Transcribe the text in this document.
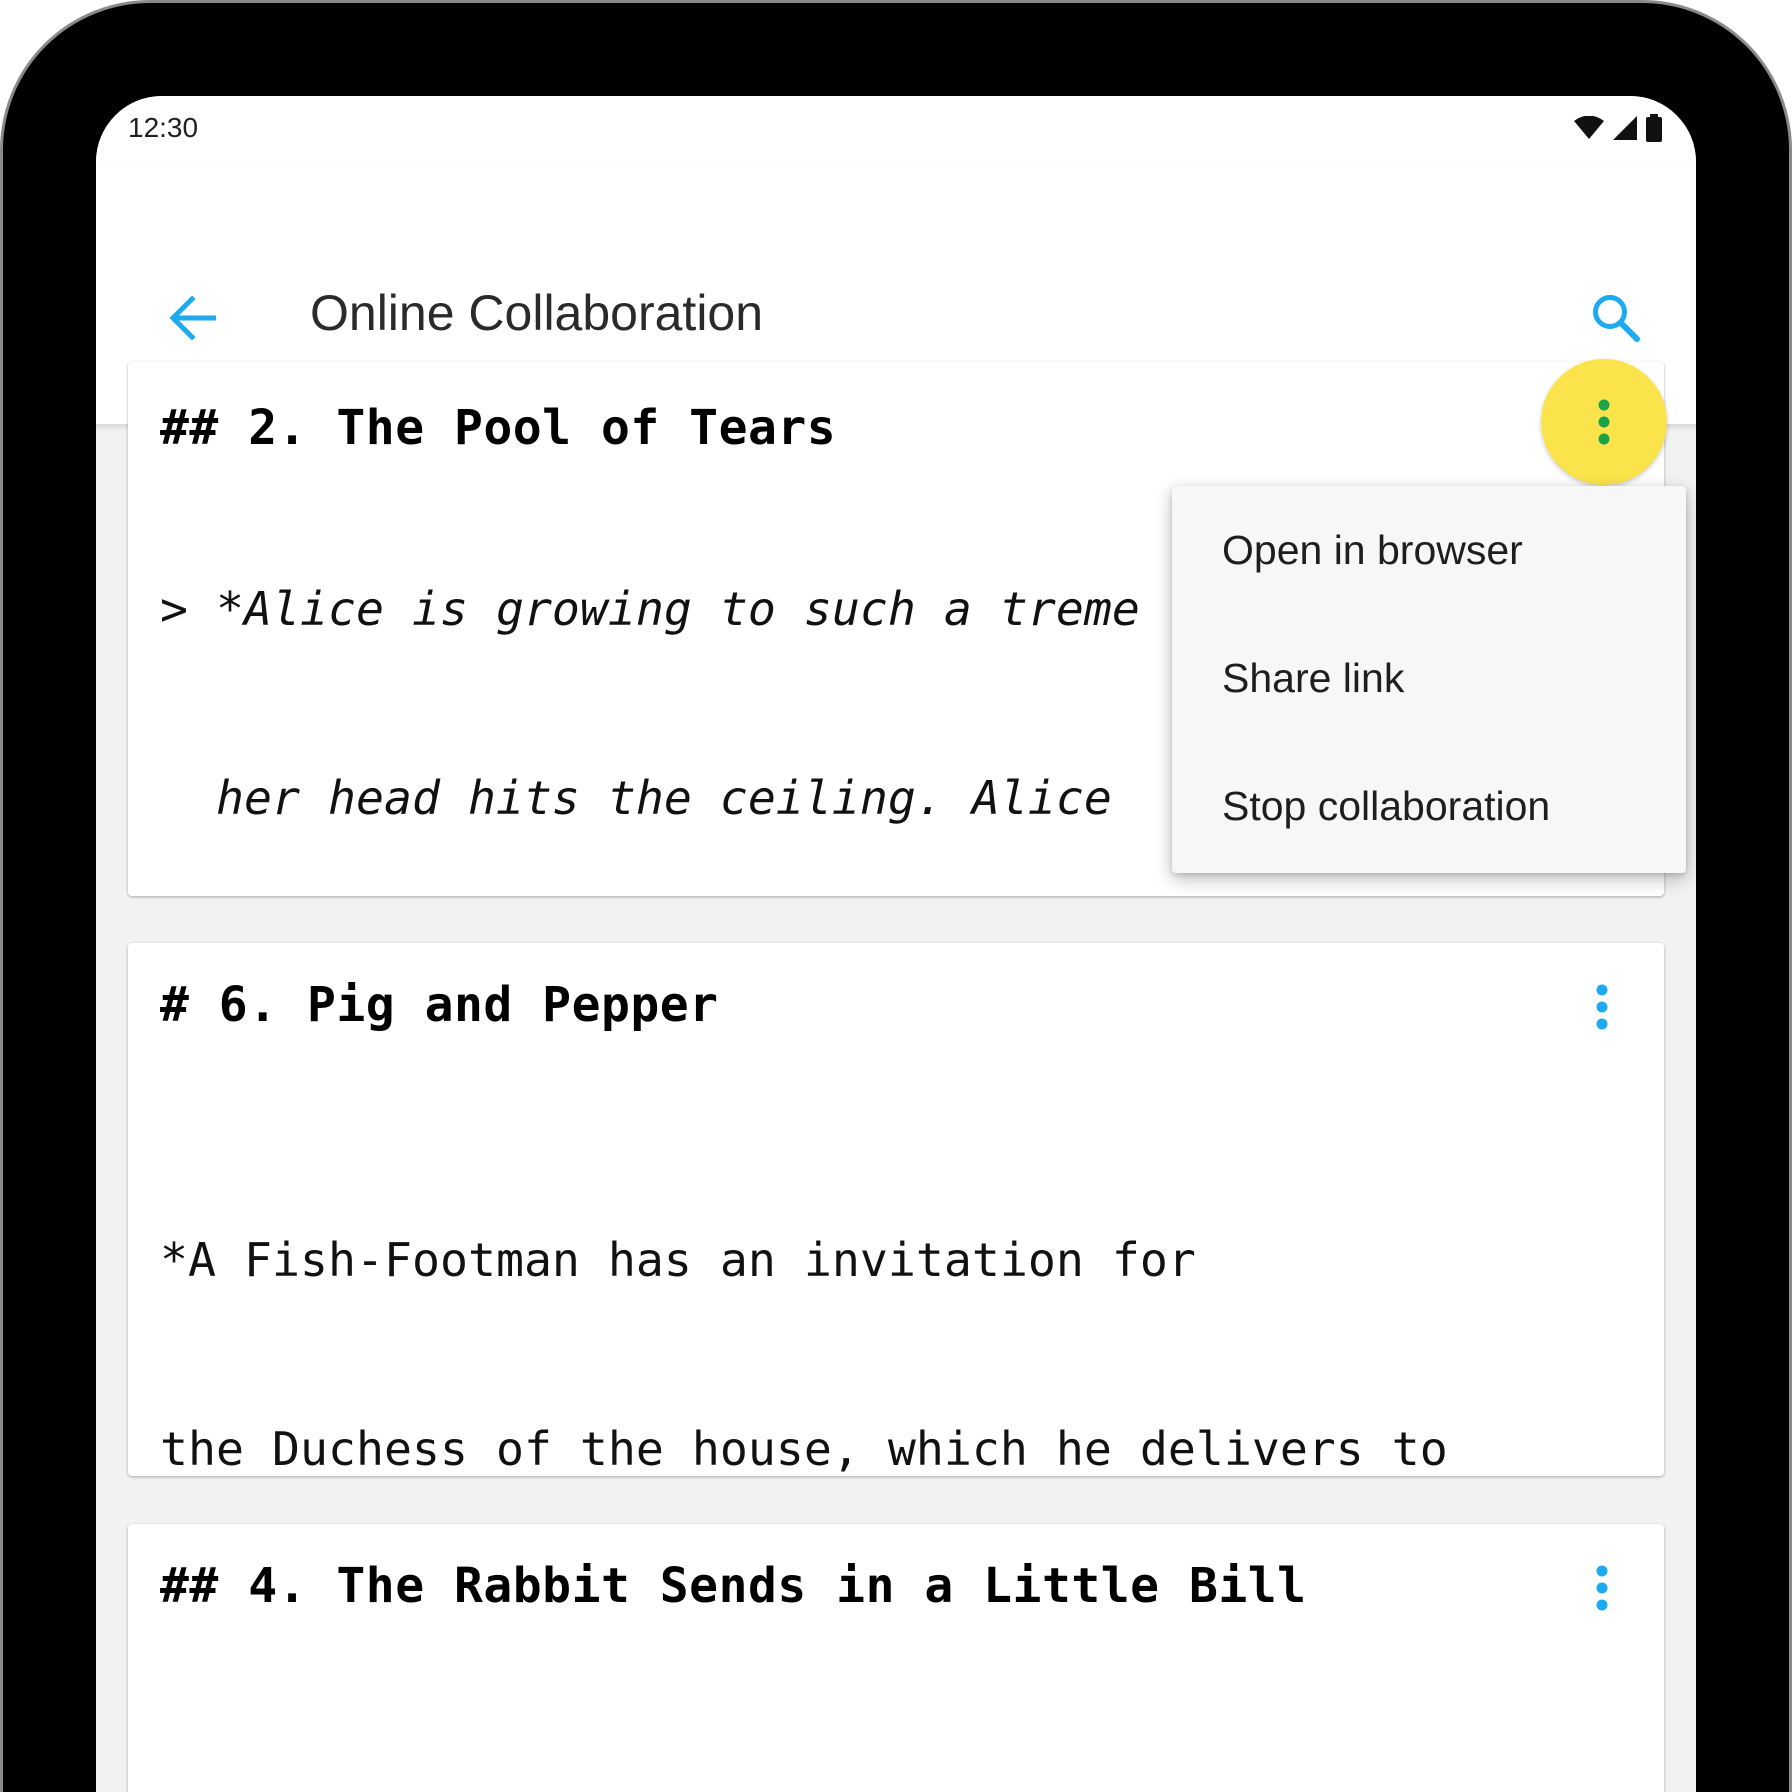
12:30
Online Collaboration
## 2. The Pool of Tears

> *Alice is growing to such a treme

her head hits the ceiling. Alice

# 6. Pig and Pepper

*A Fish-Footman has an invitation for

the Duchess of the house, which he delivers to

## 4. The Rabbit Sends in a Little Bill

Open in browser
Share link
Stop collaboration
